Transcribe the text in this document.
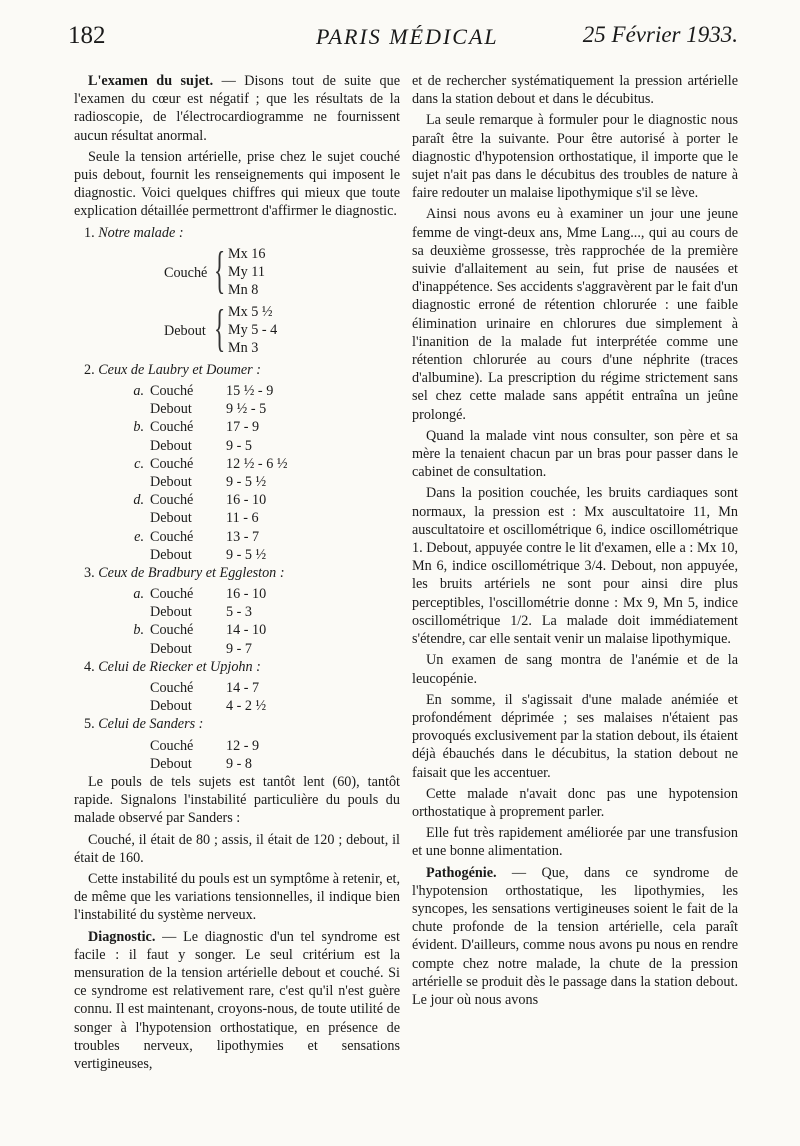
182	PARIS MÉDICAL	25 Février 1933.

L'examen du sujet. — Disons tout de suite que l'examen du cœur est négatif ; que les résultats de la radioscopie, de l'électrocardiogramme ne fournissent aucun résultat anormal.

Seule la tension artérielle, prise chez le sujet couché puis debout, fournit les renseignements qui imposent le diagnostic. Voici quelques chiffres qui mieux que toute explication détaillée permettront d'affirmer le diagnostic.

1. Notre malade :

Couché { Mx 16
My 11
Mn 8
Debout { Mx 5 ½
My 5 - 4
Mn 3

2. Ceux de Laubry et Doumer :

a. Couché	15 ½ - 9
Debout	9 ½ - 5
b. Couché	17 - 9
Debout	9 - 5
c. Couché	12 ½ - 6 ½
Debout	9 - 5 ½
d. Couché	16 - 10
Debout	11 - 6
e. Couché	13 - 7
Debout	9 - 5 ½

3. Ceux de Bradbury et Eggleston :

a. Couché	16 - 10
Debout	5 - 3
b. Couché	14 - 10
Debout	9 - 7

4. Celui de Riecker et Upjohn :

Couché	14 - 7
Debout	4 - 2 ½

5. Celui de Sanders :

Couché	12 - 9
Debout	9 - 8

Le pouls de tels sujets est tantôt lent (60), tantôt rapide. Signalons l'instabilité particulière du pouls du malade observé par Sanders :

Couché, il était de 80 ; assis, il était de 120 ; debout, il était de 160.

Cette instabilité du pouls est un symptôme à retenir, et, de même que les variations tensionnelles, il indique bien l'instabilité du système nerveux.

Diagnostic. — Le diagnostic d'un tel syndrome est facile : il faut y songer. Le seul critérium est la mensuration de la tension artérielle debout et couché. Si ce syndrome est relativement rare, c'est qu'il n'est guère connu. Il est maintenant, croyons-nous, de toute utilité de songer à l'hypotension orthostatique, en présence de troubles nerveux, lipothymies et sensations vertigineuses,

et de rechercher systématiquement la pression artérielle dans la station debout et dans le décubitus.

La seule remarque à formuler pour le diagnostic nous paraît être la suivante. Pour être autorisé à porter le diagnostic d'hypotension orthostatique, il importe que le sujet n'ait pas dans le décubitus des troubles de nature à faire redouter un malaise lipothymique s'il se lève.

Ainsi nous avons eu à examiner un jour une jeune femme de vingt-deux ans, Mme Lang..., qui au cours de sa deuxième grossesse, très rapprochée de la première suivie d'allaitement au sein, fut prise de nausées et d'inappétence. Ses accidents s'aggravèrent par le fait d'un diagnostic erroné de rétention chlorurée : une faible élimination urinaire en chlorures due simplement à l'inanition de la malade fut interprétée comme une rétention chlorurée au cours d'une néphrite (traces d'albumine). La prescription du régime strictement sans sel chez cette malade sans appétit entraîna un jeûne prolongé.

Quand la malade vint nous consulter, son père et sa mère la tenaient chacun par un bras pour passer dans le cabinet de consultation.

Dans la position couchée, les bruits cardiaques sont normaux, la pression est : Mx auscultatoire 11, Mn auscultatoire et oscillométrique 6, indice oscillométrique 1. Debout, appuyée contre le lit d'examen, elle a : Mx 10, Mn 6, indice oscillométrique 3/4. Debout, non appuyée, les bruits artériels ne sont pour ainsi dire plus perceptibles, l'oscillométrie donne : Mx 9, Mn 5, indice oscillométrique 1/2. La malade doit immédiatement s'étendre, car elle sentait venir un malaise lipothymique.

Un examen de sang montra de l'anémie et de la leucopénie.

En somme, il s'agissait d'une malade anémiée et profondément déprimée ; ses malaises n'étaient pas provoqués exclusivement par la station debout, ils étaient déjà ébauchés dans le décubitus, la station debout ne faisait que les accentuer.

Cette malade n'avait donc pas une hypotension orthostatique à proprement parler.

Elle fut très rapidement améliorée par une transfusion et une bonne alimentation.

Pathogénie. — Que, dans ce syndrome de l'hypotension orthostatique, les lipothymies, les syncopes, les sensations vertigineuses soient le fait de la chute profonde de la tension artérielle, cela paraît évident. D'ailleurs, comme nous avons pu nous en rendre compte chez notre malade, la chute de la pression artérielle se produit dès le passage dans la station debout. Le jour où nous avons
